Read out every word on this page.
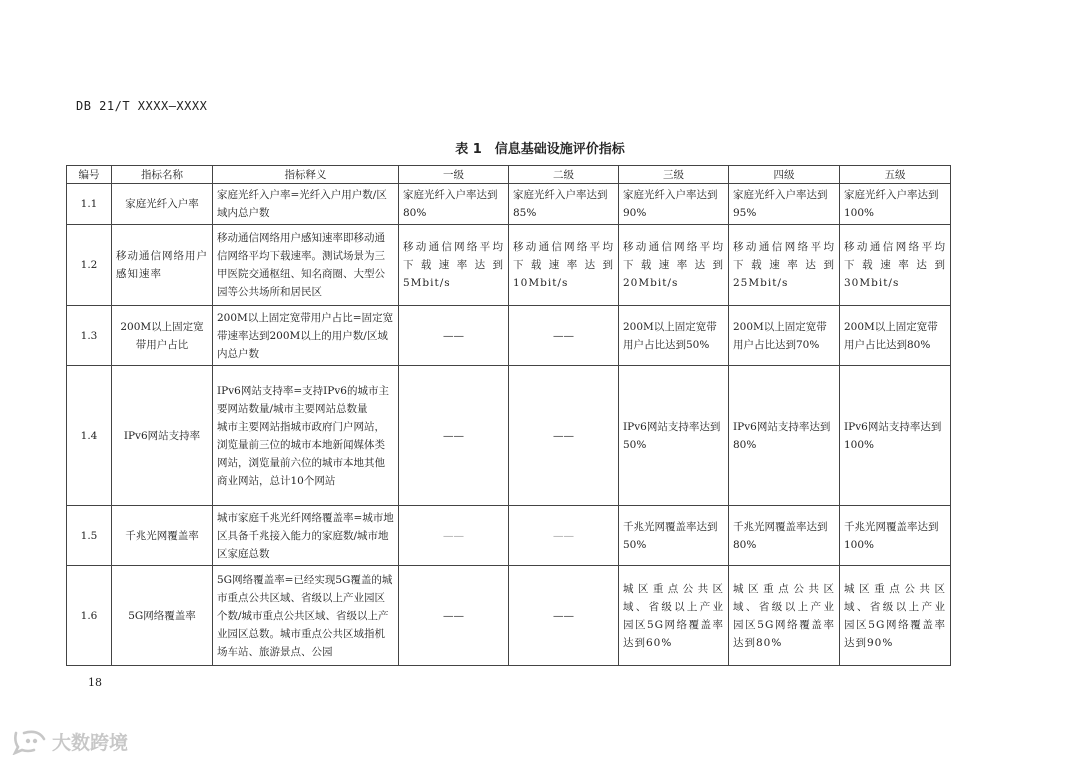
DB 21/T XXXX—XXXX
表 1　信息基础设施评价指标
编号	指标名称	指标释义	一级	二级	三级	四级	五级
1.1	家庭光纤入户率	家庭光纤入户率=光纤入户用户数/区域内总户数	家庭光纤入户率达到80%	家庭光纤入户率达到85%	家庭光纤入户率达到90%	家庭光纤入户率达到95%	家庭光纤入户率达到100%
1.2	移动通信网络用户感知速率	移动通信网络用户感知速率即移动通信网络平均下载速率。测试场景为三甲医院交通枢纽、知名商圈、大型公园等公共场所和居民区	移动通信网络平均下载速率达到5Mbit/s	移动通信网络平均下载速率达到10Mbit/s	移动通信网络平均下载速率达到20Mbit/s	移动通信网络平均下载速率达到25Mbit/s	移动通信网络平均下载速率达到30Mbit/s
1.3	200M以上固定宽带用户占比	200M以上固定宽带用户占比=固定宽带速率达到200M以上的用户数/区域内总户数	——	——	200M以上固定宽带用户占比达到50%	200M以上固定宽带用户占比达到70%	200M以上固定宽带用户占比达到80%
1.4	IPv6网站支持率	IPv6网站支持率=支持IPv6的城市主要网站数量/城市主要网站总数量
城市主要网站指城市政府门户网站，浏览量前三位的城市本地新闻媒体类网站，浏览量前六位的城市本地其他商业网站，总计10个网站	——	——	IPv6网站支持率达到50%	IPv6网站支持率达到80%	IPv6网站支持率达到100%
1.5	千兆光网覆盖率	城市家庭千兆光纤网络覆盖率=城市地区具备千兆接入能力的家庭数/城市地区家庭总数	——	——	千兆光网覆盖率达到50%	千兆光网覆盖率达到80%	千兆光网覆盖率达到100%
1.6	5G网络覆盖率	5G网络覆盖率=已经实现5G覆盖的城市重点公共区域、省级以上产业园区个数/城市重点公共区域、省级以上产业园区总数。城市重点公共区域指机场车站、旅游景点、公园	——	——	城区重点公共区域、省级以上产业园区5G网络覆盖率达到60%	城区重点公共区域、省级以上产业园区5G网络覆盖率达到80%	城区重点公共区域、省级以上产业园区5G网络覆盖率达到90%
18
大数跨境
